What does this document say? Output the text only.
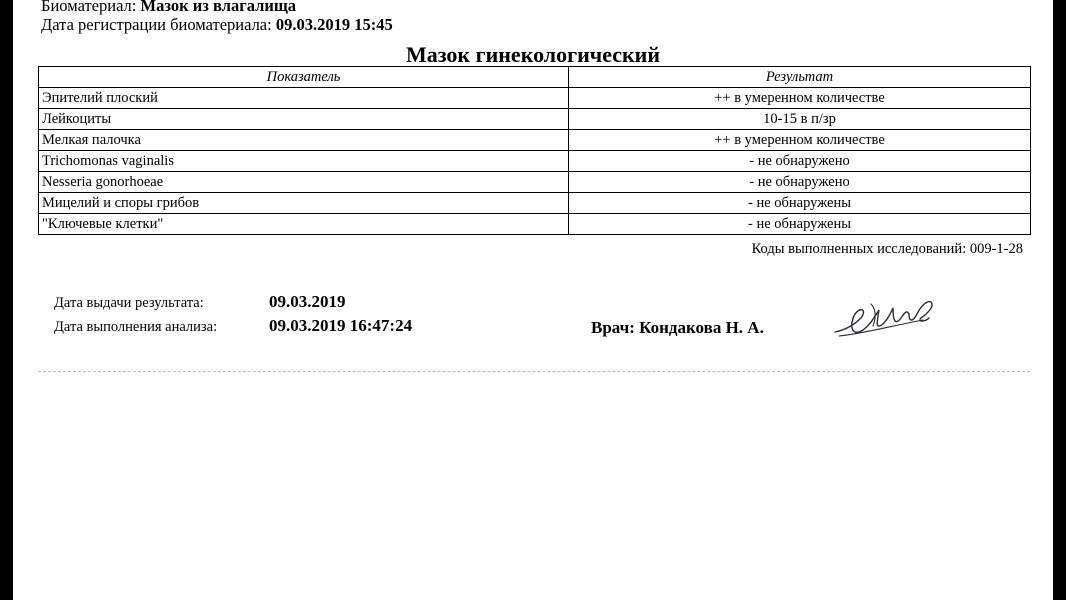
Биоматериал: Мазок из влагалища
Дата регистрации биоматериала: 09.03.2019 15:45
Мазок гинекологический
Показатель	Результат
Эпителий плоский	++ в умеренном количестве
Лейкоциты	10-15 в п/зр
Мелкая палочка	++ в умеренном количестве
Trichomonas vaginalis	- не обнаружено
Nesseria gonorhoeae	- не обнаружено
Мицелий и споры грибов	- не обнаружены
"Ключевые клетки"	- не обнаружены
Коды выполненных исследований: 009-1-28
Дата выдачи результата:	09.03.2019
Дата выполнения анализа:	09.03.2019 16:47:24	Врач: Кондакова Н. А.
